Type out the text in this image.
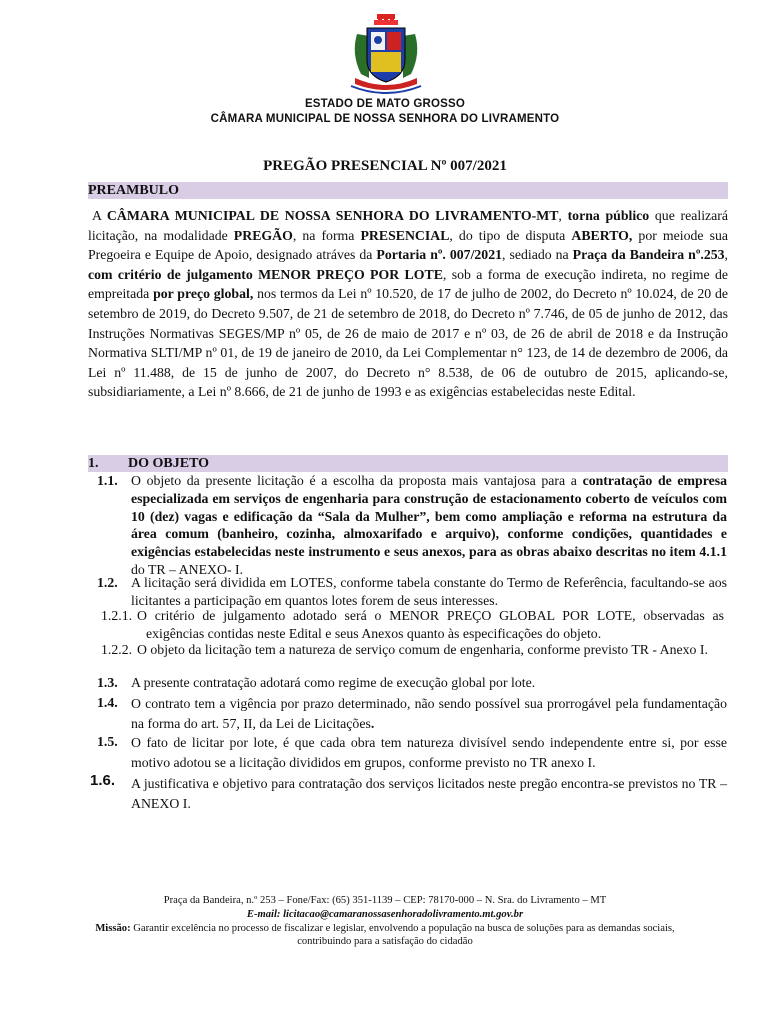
ESTADO DE MATO GROSSO
CÂMARA MUNICIPAL DE NOSSA SENHORA DO LIVRAMENTO
PREGÃO PRESENCIAL Nº 007/2021
PREAMBULO
A CÂMARA MUNICIPAL DE NOSSA SENHORA DO LIVRAMENTO-MT, torna público que realizará licitação, na modalidade PREGÃO, na forma PRESENCIAL, do tipo de disputa ABERTO, por meiode sua Pregoeira e Equipe de Apoio, designado atráves da Portaria nº. 007/2021, sediado na Praça da Bandeira nº.253, com critério de julgamento MENOR PREÇO POR LOTE, sob a forma de execução indireta, no regime de empreitada por preço global, nos termos da Lei nº 10.520, de 17 de julho de 2002, do Decreto nº 10.024, de 20 de setembro de 2019, do Decreto 9.507, de 21 de setembro de 2018, do Decreto nº 7.746, de 05 de junho de 2012, das Instruções Normativas SEGES/MP nº 05, de 26 de maio de 2017 e nº 03, de 26 de abril de 2018 e da Instrução Normativa SLTI/MP nº 01, de 19 de janeiro de 2010, da Lei Complementar n° 123, de 14 de dezembro de 2006, da Lei nº 11.488, de 15 de junho de 2007, do Decreto n° 8.538, de 06 de outubro de 2015, aplicando-se, subsidiariamente, a Lei nº 8.666, de 21 de junho de 1993 e as exigências estabelecidas neste Edital.
1. DO OBJETO
1.1. O objeto da presente licitação é a escolha da proposta mais vantajosa para a contratação de empresa especializada em serviços de engenharia para construção de estacionamento coberto de veículos com 10 (dez) vagas e edificação da “Sala da Mulher”, bem como ampliação e reforma na estrutura da área comum (banheiro, cozinha, almoxarifado e arquivo), conforme condições, quantidades e exigências estabelecidas neste instrumento e seus anexos, para as obras abaixo descritas no item 4.1.1 do TR – ANEXO- I.
1.2. A licitação será dividida em LOTES, conforme tabela constante do Termo de Referência, facultando-se aos licitantes a participação em quantos lotes forem de seus interesses.
1.2.1. O critério de julgamento adotado será o MENOR PREÇO GLOBAL POR LOTE, observadas as exigências contidas neste Edital e seus Anexos quanto às especificações do objeto.
1.2.2. O objeto da licitação tem a natureza de serviço comum de engenharia, conforme previsto TR - Anexo I.
1.3. A presente contratação adotará como regime de execução global por lote.
1.4. O contrato tem a vigência por prazo determinado, não sendo possível sua prorrogável pela fundamentação na forma do art. 57, II, da Lei de Licitações.
1.5. O fato de licitar por lote, é que cada obra tem natureza divisível sendo independente entre si, por esse motivo adotou se a licitação divididos em grupos, conforme previsto no TR anexo I.
1.6. A justificativa e objetivo para contratação dos serviços licitados neste pregão encontra-se previstos no TR – ANEXO I.
Praça da Bandeira, n.º 253 – Fone/Fax: (65) 351-1139 – CEP: 78170-000 – N. Sra. do Livramento – MT
E-mail: licitacao@camaranossasenhoradolivramento.mt.gov.br
Missão: Garantir excelência no processo de fiscalizar e legislar, envolvendo a população na busca de soluções para as demandas sociais,
contribuindo para a satisfação do cidadão
